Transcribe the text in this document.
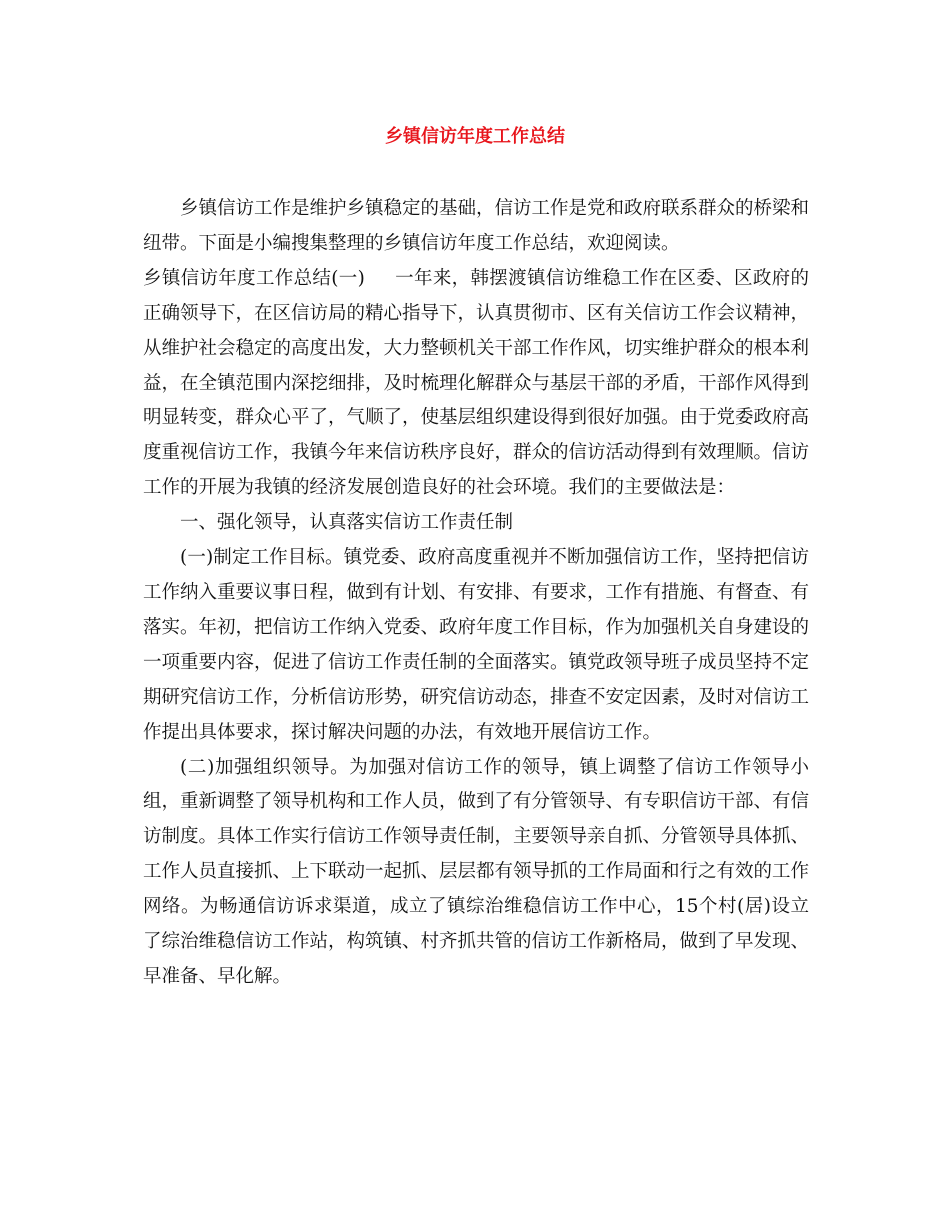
乡镇信访年度工作总结

乡镇信访工作是维护乡镇稳定的基础，信访工作是党和政府联系群众的桥梁和纽带。下面是小编搜集整理的乡镇信访年度工作总结，欢迎阅读。

乡镇信访年度工作总结(一) 一年来，韩摆渡镇信访维稳工作在区委、区政府的正确领导下，在区信访局的精心指导下，认真贯彻市、区有关信访工作会议精神，从维护社会稳定的高度出发，大力整顿机关干部工作作风，切实维护群众的根本利益，在全镇范围内深挖细排，及时梳理化解群众与基层干部的矛盾，干部作风得到明显转变，群众心平了，气顺了，使基层组织建设得到很好加强。由于党委政府高度重视信访工作，我镇今年来信访秩序良好，群众的信访活动得到有效理顺。信访工作的开展为我镇的经济发展创造良好的社会环境。我们的主要做法是：

一、强化领导，认真落实信访工作责任制

(一)制定工作目标。镇党委、政府高度重视并不断加强信访工作，坚持把信访工作纳入重要议事日程，做到有计划、有安排、有要求，工作有措施、有督查、有落实。年初，把信访工作纳入党委、政府年度工作目标，作为加强机关自身建设的一项重要内容，促进了信访工作责任制的全面落实。镇党政领导班子成员坚持不定期研究信访工作，分析信访形势，研究信访动态，排查不安定因素，及时对信访工作提出具体要求，探讨解决问题的办法，有效地开展信访工作。

(二)加强组织领导。为加强对信访工作的领导，镇上调整了信访工作领导小组，重新调整了领导机构和工作人员，做到了有分管领导、有专职信访干部、有信访制度。具体工作实行信访工作领导责任制，主要领导亲自抓、分管领导具体抓、工作人员直接抓、上下联动一起抓、层层都有领导抓的工作局面和行之有效的工作网络。为畅通信访诉求渠道，成立了镇综治维稳信访工作中心，15个村(居)设立了综治维稳信访工作站，构筑镇、村齐抓共管的信访工作新格局，做到了早发现、早准备、早化解。
